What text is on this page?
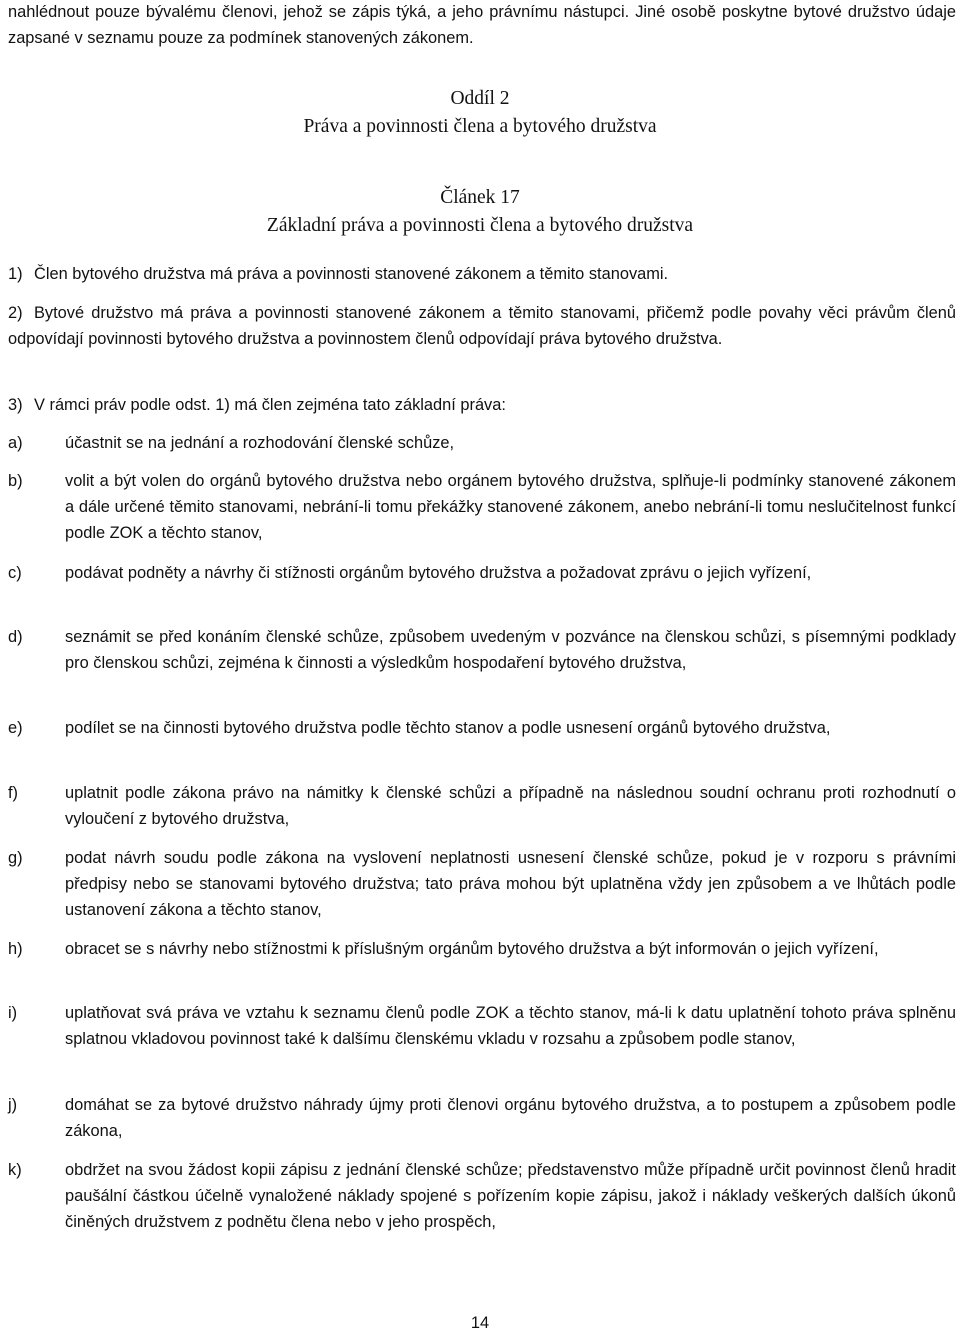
nahlédnout pouze bývalému členovi, jehož se zápis týká, a jeho právnímu nástupci. Jiné osobě poskytne bytové družstvo údaje zapsané v seznamu pouze za podmínek stanovených zákonem.

Oddíl 2

Práva a povinnosti člena a bytového družstva

Článek 17

Základní práva a povinnosti člena a bytového družstva

1) Člen bytového družstva má práva a povinnosti stanovené zákonem a těmito stanovami.
2) Bytové družstvo má práva a povinnosti stanovené zákonem a těmito stanovami, přičemž podle povahy věci právům členů odpovídají povinnosti bytového družstva a povinnostem členů odpovídají práva bytového družstva.
3) V rámci práv podle odst. 1) má člen zejména tato základní práva:
a)	účastnit se na jednání a rozhodování členské schůze,
b)	volit a být volen do orgánů bytového družstva nebo orgánem bytového družstva, splňuje-li podmínky stanovené zákonem a dále určené těmito stanovami, nebrání-li tomu překážky stanovené zákonem, anebo nebrání-li tomu neslučitelnost funkcí podle ZOK a těchto stanov,
c)	podávat podněty a návrhy či stížnosti orgánům bytového družstva a požadovat zprávu o jejich vyřízení,
d)	seznámit se před konáním členské schůze, způsobem uvedeným v pozvánce na členskou schůzi, s písemnými podklady pro členskou schůzi, zejména k činnosti a výsledkům hospodaření bytového družstva,
e)	podílet se na činnosti bytového družstva podle těchto stanov a podle usnesení orgánů bytového družstva,
f)	uplatnit podle zákona právo na námitky k členské schůzi a případně na následnou soudní ochranu proti rozhodnutí o vyloučení z bytového družstva,
g)	podat návrh soudu podle zákona na vyslovení neplatnosti usnesení členské schůze, pokud je v rozporu s právními předpisy nebo se stanovami bytového družstva; tato práva mohou být uplatněna vždy jen způsobem a ve lhůtách podle ustanovení zákona a těchto stanov,
h)	obracet se s návrhy nebo stížnostmi k příslušným orgánům bytového družstva a být informován o jejich vyřízení,
i)	uplatňovat svá práva ve vztahu k seznamu členů podle ZOK a těchto stanov, má-li k datu uplatnění tohoto práva splněnu splatnou vkladovou povinnost také k dalšímu členskému vkladu v rozsahu a způsobem podle stanov,
j)	domáhat se za bytové družstvo náhrady újmy proti členovi orgánu bytového družstva, a to postupem a způsobem podle zákona,
k)	obdržet na svou žádost kopii zápisu z jednání členské schůze; představenstvo může případně určit povinnost členů hradit paušální částkou účelně vynaložené náklady spojené s pořízením kopie zápisu, jakož i náklady veškerých dalších úkonů činěných družstvem z podnětu člena nebo v jeho prospěch,
14
